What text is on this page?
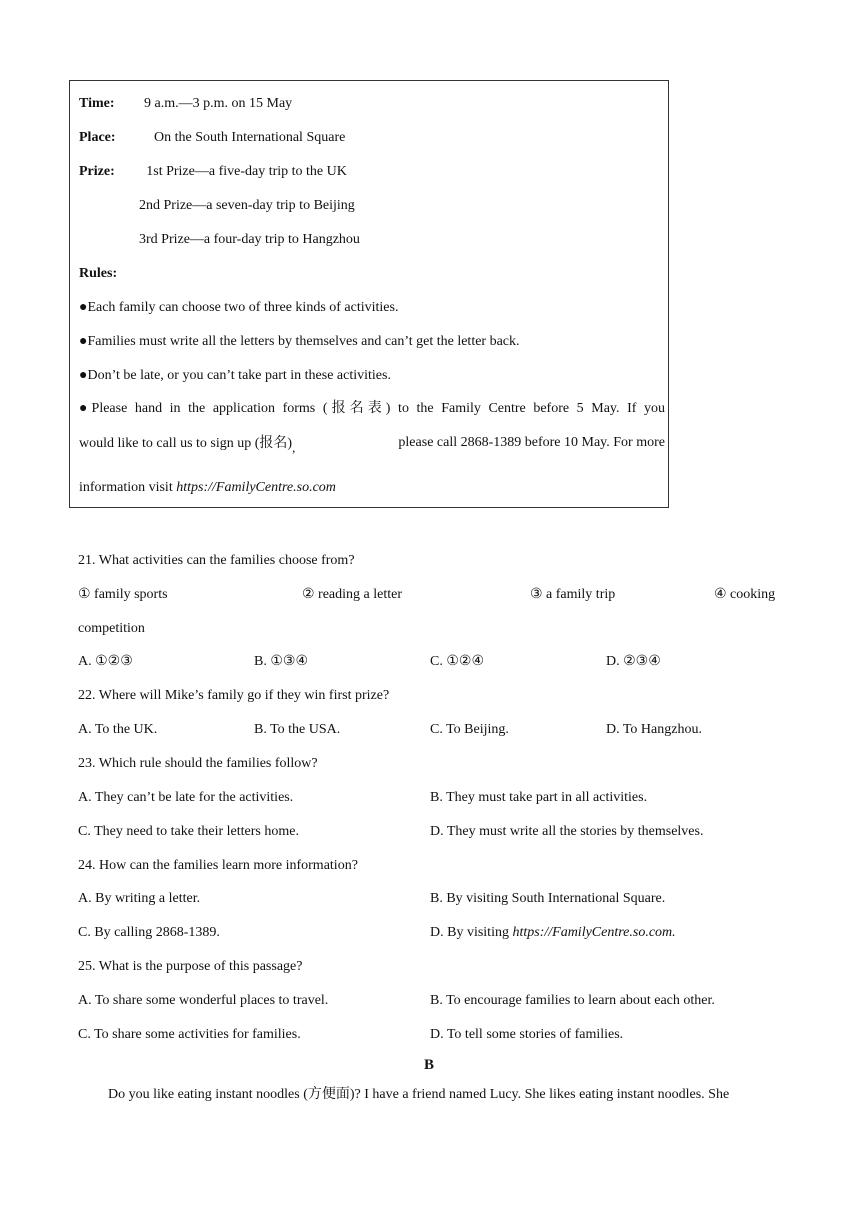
Time: 9 a.m.—3 p.m. on 15 May
Place:	On the South International Square
Prize: 1st Prize—a five-day trip to the UK
2nd Prize—a seven-day trip to Beijing
3rd Prize—a four-day trip to Hangzhou
Rules:
●Each family can choose two of three kinds of activities.
●Families must write all the letters by themselves and can’t get the letter back.
●Don’t be late, or you can’t take part in these activities.
●Please hand in the application forms (报名表) to the Family Centre before 5 May. If you
would like to call us to sign up (报名),	please call 2868-1389 before 10 May. For more
information visit https://FamilyCentre.so.com
21. What activities can the families choose from?
① family sports	② reading a letter	③ a family trip	④ cooking
competition
A. ①②③	B. ①③④	C. ①②④	D. ②③④
22. Where will Mike’s family go if they win first prize?
A. To the UK.	B. To the USA.	C. To Beijing.	D. To Hangzhou.
23. Which rule should the families follow?
A. They can’t be late for the activities.	B. They must take part in all activities.
C. They need to take their letters home.	D. They must write all the stories by themselves.
24. How can the families learn more information?
A. By writing a letter.	B. By visiting South International Square.
C. By calling 2868-1389.	D. By visiting https://FamilyCentre.so.com.
25. What is the purpose of this passage?
A. To share some wonderful places to travel.	B. To encourage families to learn about each other.
C. To share some activities for families.	D. To tell some stories of families.
B
Do you like eating instant noodles (方便面)? I have a friend named Lucy. She likes eating instant noodles. She
